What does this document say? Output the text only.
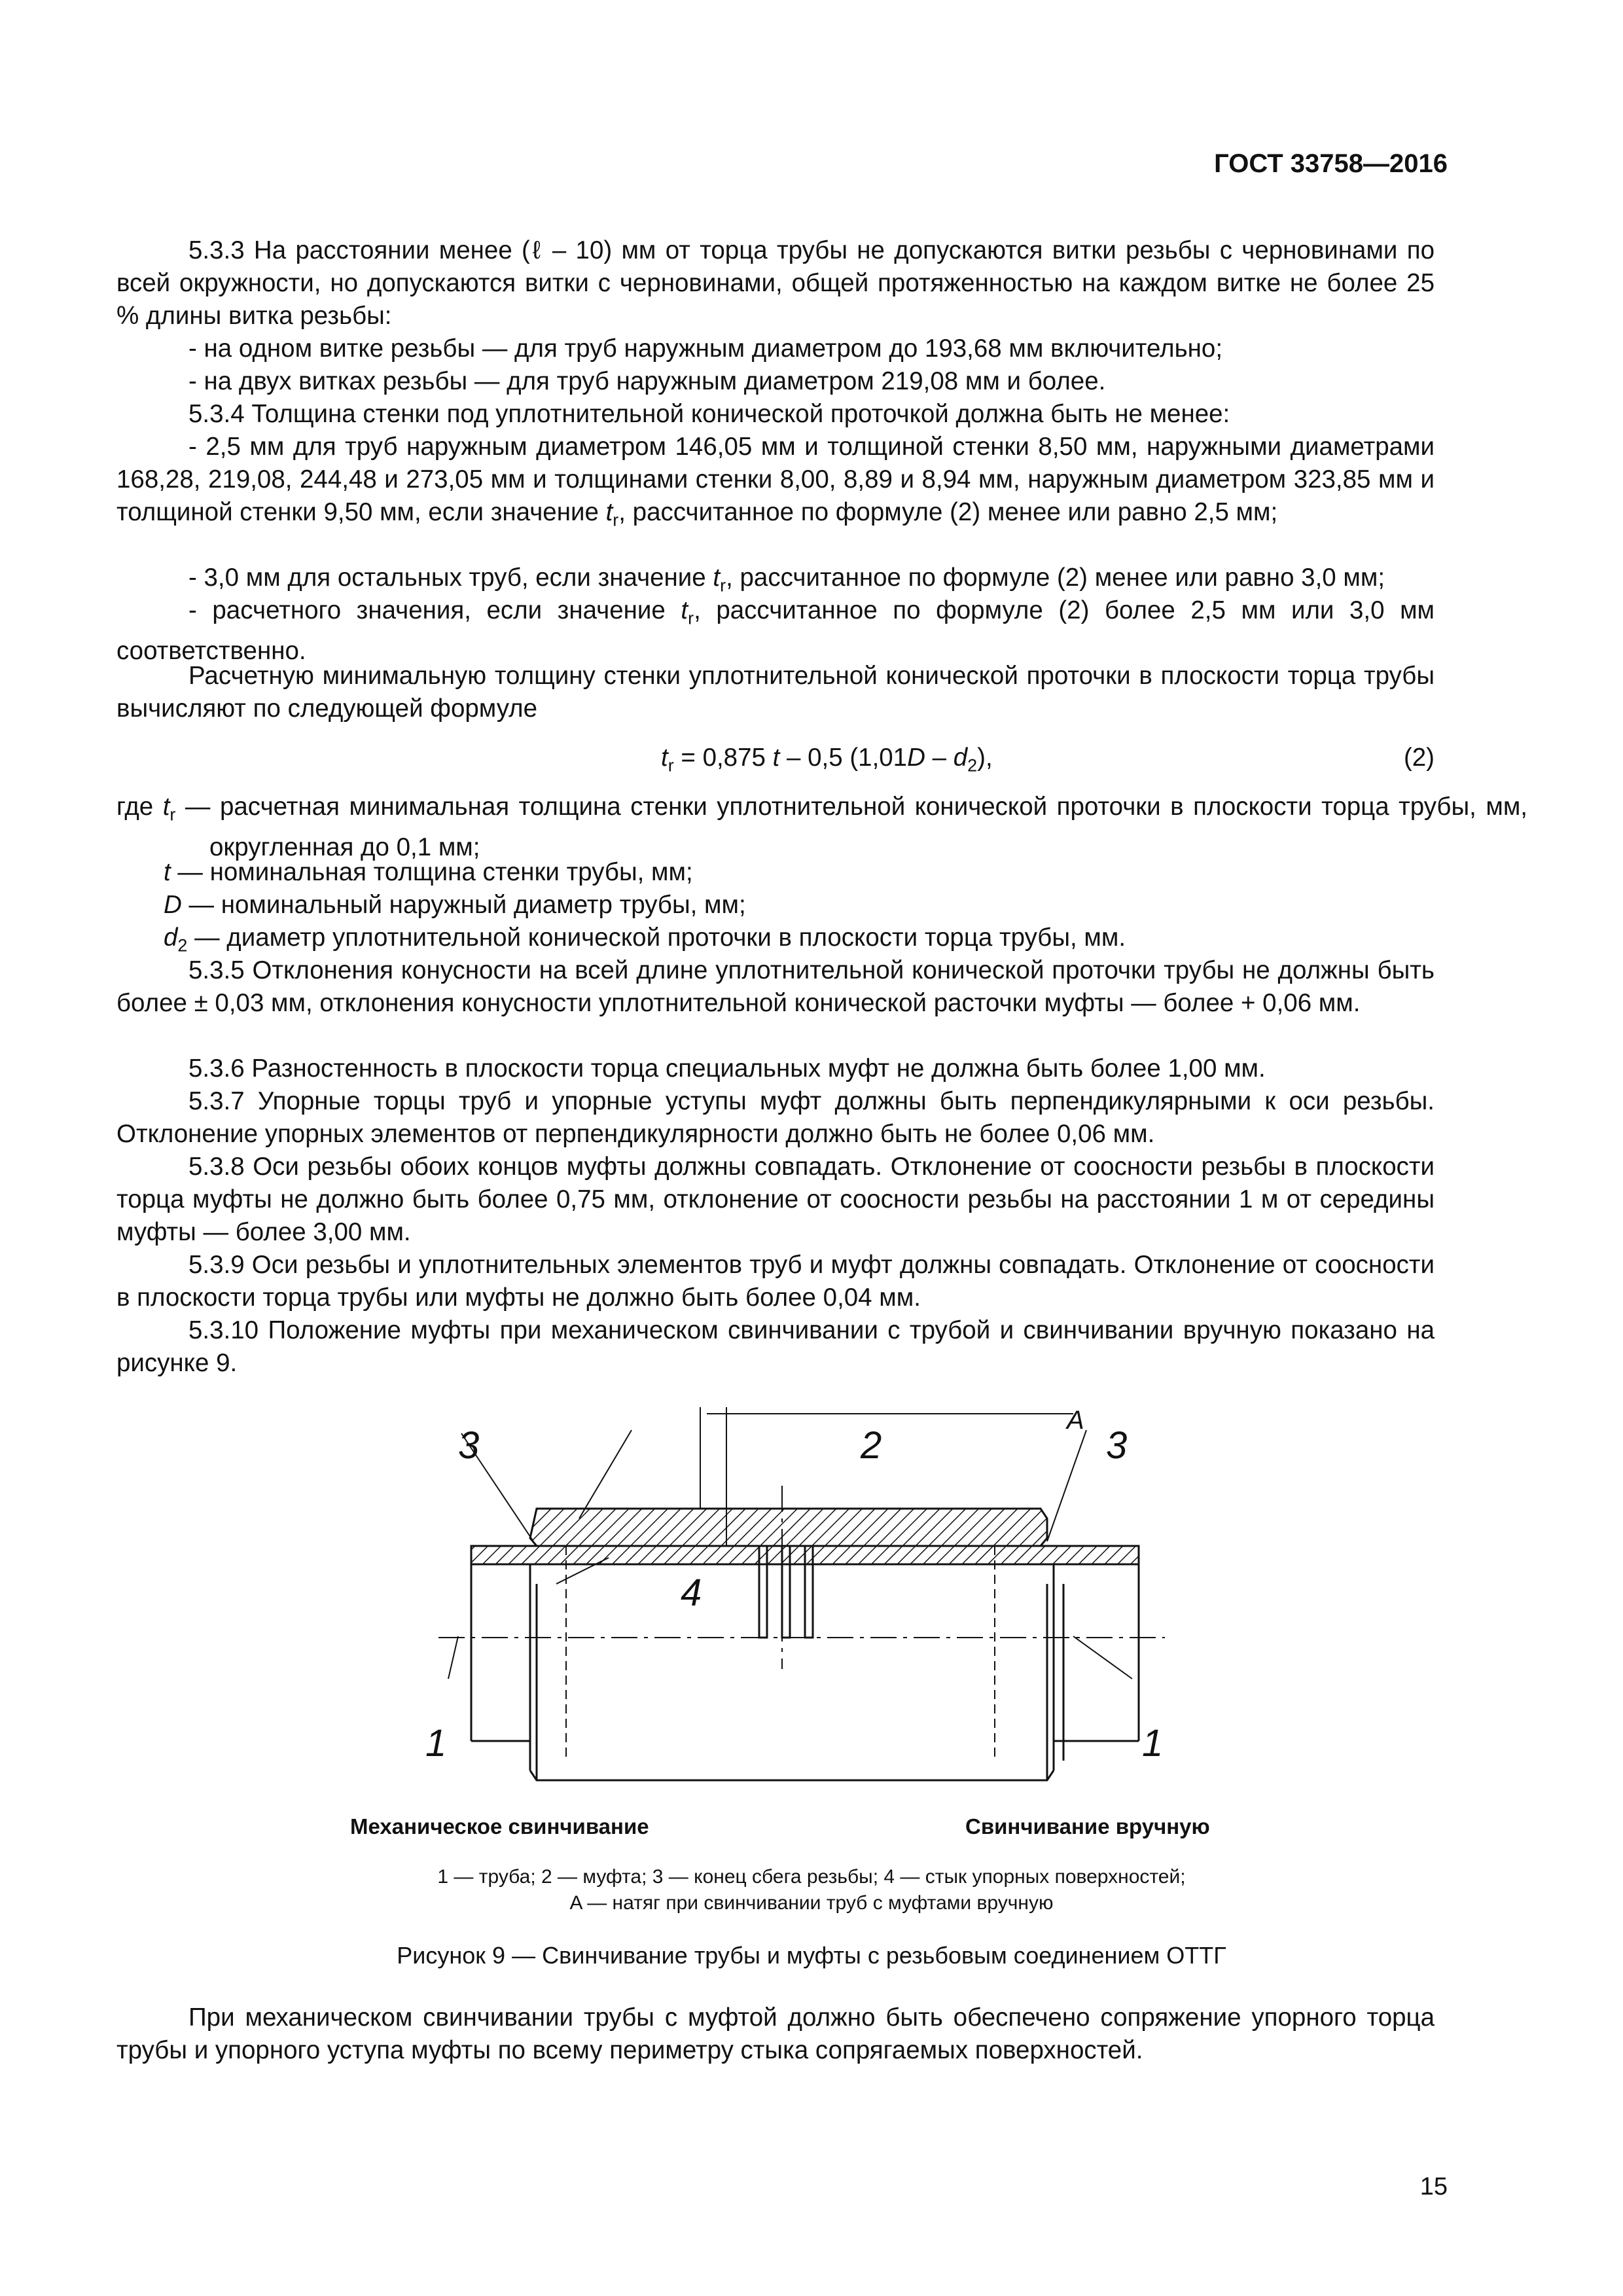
ГОСТ 33758—2016

5.3.3 На расстоянии менее (ℓ – 10) мм от торца трубы не допускаются витки резьбы с черновинами по всей окружности, но допускаются витки с черновинами, общей протяженностью на каждом витке не более 25 % длины витка резьбы:

- на одном витке резьбы — для труб наружным диаметром до 193,68 мм включительно;

- на двух витках резьбы — для труб наружным диаметром 219,08 мм и более.

5.3.4 Толщина стенки под уплотнительной конической проточкой должна быть не менее:

- 2,5 мм для труб наружным диаметром 146,05 мм и толщиной стенки 8,50 мм, наружными диаметрами 168,28, 219,08, 244,48 и 273,05 мм и толщинами стенки 8,00, 8,89 и 8,94 мм, наружным диаметром 323,85 мм и толщиной стенки 9,50 мм, если значение $t_r$, рассчитанное по формуле (2) менее или равно 2,5 мм;

- 3,0 мм для остальных труб, если значение $t_r$, рассчитанное по формуле (2) менее или равно 3,0 мм;

- расчетного значения, если значение $t_r$, рассчитанное по формуле (2) более 2,5 мм или 3,0 мм соответственно.

Расчетную минимальную толщину стенки уплотнительной конической проточки в плоскости торца трубы вычисляют по следующей формуле

$t_r = 0,875$ t – 0,5 $(1,01D - d_2)$,	(2)

где $t_r$ — расчетная минимальная толщина стенки уплотнительной конической проточки в плоскости торца трубы, мм, округленная до 0,1 мм;

t — номинальная толщина стенки трубы, мм;

D — номинальный наружный диаметр трубы, мм;

$d_2$ — диаметр уплотнительной конической проточки в плоскости торца трубы, мм.

5.3.5 Отклонения конусности на всей длине уплотнительной конической проточки трубы не должны быть более ± 0,03 мм, отклонения конусности уплотнительной конической расточки муфты — более + 0,06 мм.

5.3.6 Разностенность в плоскости торца специальных муфт не должна быть более 1,00 мм.

5.3.7 Упорные торцы труб и упорные уступы муфт должны быть перпендикулярными к оси резьбы. Отклонение упорных элементов от перпендикулярности должно быть не более 0,06 мм.

5.3.8 Оси резьбы обоих концов муфты должны совпадать. Отклонение от соосности резьбы в плоскости торца муфты не должно быть более 0,75 мм, отклонение от соосности резьбы на расстоянии 1 м от середины муфты — более 3,00 мм.

5.3.9 Оси резьбы и уплотнительных элементов труб и муфт должны совпадать. Отклонение от соосности в плоскости торца трубы или муфты не должно быть более 0,04 мм.

5.3.10 Положение муфты при механическом свинчивании с трубой и свинчивании вручную показано на рисунке 9.

3	2	3
A
4
1	1
Механическое свинчивание	Свинчивание вручную
1 — труба; 2 — муфта; 3 — конец сбега резьбы; 4 — стык упорных поверхностей;
A — натяг при свинчивании труб с муфтами вручную
Рисунок 9 — Свинчивание трубы и муфты с резьбовым соединением ОТТГ

При механическом свинчивании трубы с муфтой должно быть обеспечено сопряжение упорного торца трубы и упорного уступа муфты по всему периметру стыка сопрягаемых поверхностей.

15
